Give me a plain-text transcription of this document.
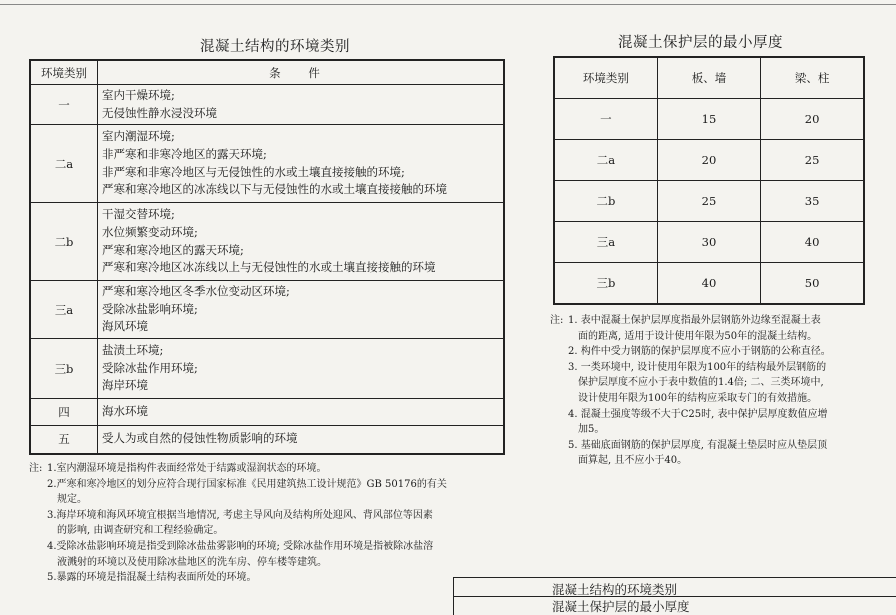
混凝土结构的环境类别
环境类别	条 件
一	室内干燥环境;
无侵蚀性静水浸没环境

二a	室内潮湿环境;
非严寒和非寒冷地区的露天环境;
非严寒和非寒冷地区与无侵蚀性的水或土壤直接接触的环境;
严寒和寒冷地区的冰冻线以下与无侵蚀性的水或土壤直接接触的环境

二b	干湿交替环境;
水位频繁变动环境;
严寒和寒冷地区的露天环境;
严寒和寒冷地区冰冻线以上与无侵蚀性的水或土壤直接接触的环境

三a	严寒和寒冷地区冬季水位变动区环境;
受除冰盐影响环境;
海风环境

三b	盐渍土环境;
受除冰盐作用环境;
海岸环境

四	海水环境

五	受人为或自然的侵蚀性物质影响的环境
混凝土保护层的最小厚度
环境类别	板、墙	梁、柱
一	15	20
二a	20	25
二b	25	35
三a	30	40
三b	40	50
注: 1.室内潮湿环境是指构件表面经常处于结露或湿润状态的环境。
2.严寒和寒冷地区的划分应符合现行国家标准《民用建筑热工设计规范》GB 50176的有关
规定。
3.海岸环境和海风环境宜根据当地情况, 考虑主导风向及结构所处迎风、背风部位等因素
的影响, 由调查研究和工程经验确定。
4.受除冰盐影响环境是指受到除冰盐盐雾影响的环境; 受除冰盐作用环境是指被除冰盐溶
液溅射的环境以及使用除冰盐地区的洗车房、停车楼等建筑。
5.暴露的环境是指混凝土结构表面所处的环境。
注: 1. 表中混凝土保护层厚度指最外层钢筋外边缘至混凝土表
面的距离, 适用于设计使用年限为50年的混凝土结构。
2. 构件中受力钢筋的保护层厚度不应小于钢筋的公称直径。
3. 一类环境中, 设计使用年限为100年的结构最外层钢筋的
保护层厚度不应小于表中数值的1.4倍; 二、三类环境中,
设计使用年限为100年的结构应采取专门的有效措施。
4. 混凝土强度等级不大于C25时, 表中保护层厚度数值应增
加5。
5. 基础底面钢筋的保护层厚度, 有混凝土垫层时应从垫层顶
面算起, 且不应小于40。
混凝土结构的环境类别
混凝土保护层的最小厚度
